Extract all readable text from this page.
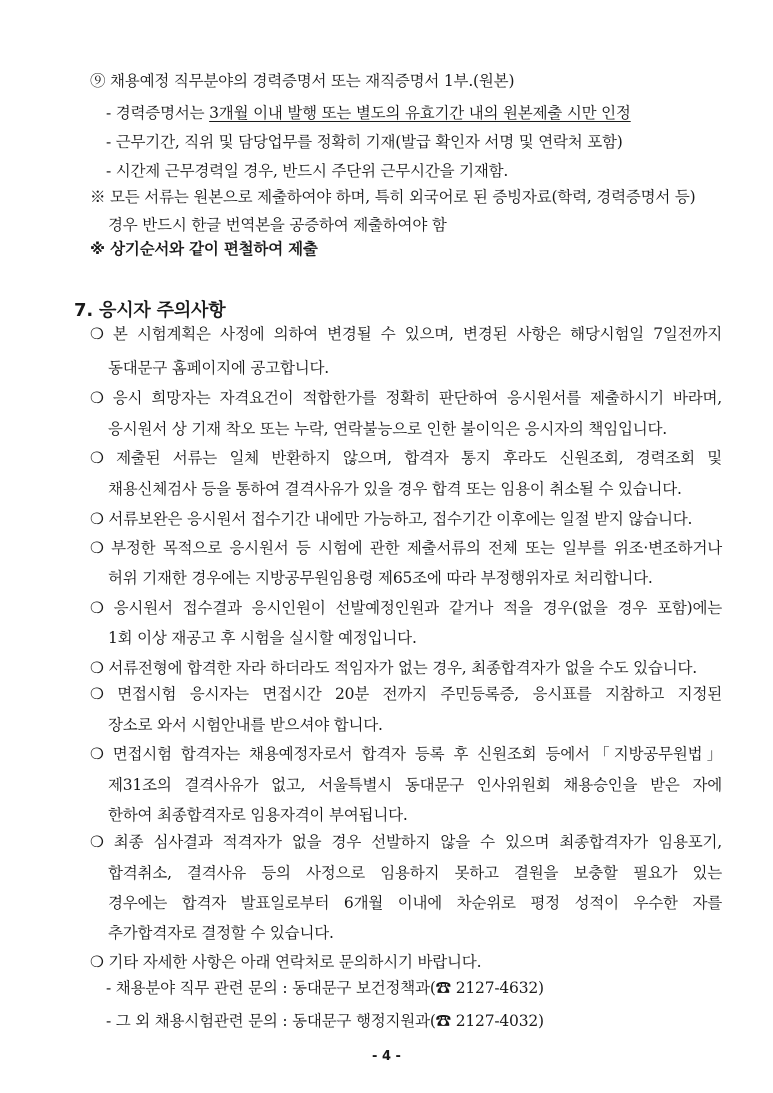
⑨ 채용예정 직무분야의 경력증명서 또는 재직증명서 1부.(원본)
- 경력증명서는 3개월 이내 발행 또는 별도의 유효기간 내의 원본제출 시만 인정
- 근무기간, 직위 및 담당업무를 정확히 기재(발급 확인자 서명 및 연락처 포함)
- 시간제 근무경력일 경우, 반드시 주단위 근무시간을 기재함.
※ 모든 서류는 원본으로 제출하여야 하며, 특히 외국어로 된 증빙자료(학력, 경력증명서 등)
경우 반드시 한글 번역본을 공증하여 제출하여야 함
※ 상기순서와 같이 편철하여 제출
7. 응시자 주의사항
❍ 본 시험계획은 사정에 의하여 변경될 수 있으며, 변경된 사항은 해당시험일 7일전까지
동대문구 홈페이지에 공고합니다.
❍ 응시 희망자는 자격요건이 적합한가를 정확히 판단하여 응시원서를 제출하시기 바라며,
응시원서 상 기재 착오 또는 누락, 연락불능으로 인한 불이익은 응시자의 책임입니다.
❍ 제출된 서류는 일체 반환하지 않으며, 합격자 통지 후라도 신원조회, 경력조회 및
채용신체검사 등을 통하여 결격사유가 있을 경우 합격 또는 임용이 취소될 수 있습니다.
❍ 서류보완은 응시원서 접수기간 내에만 가능하고, 접수기간 이후에는 일절 받지 않습니다.
❍ 부정한 목적으로 응시원서 등 시험에 관한 제출서류의 전체 또는 일부를 위조·변조하거나
허위 기재한 경우에는 지방공무원임용령 제65조에 따라 부정행위자로 처리합니다.
❍ 응시원서 접수결과 응시인원이 선발예정인원과 같거나 적을 경우(없을 경우 포함)에는
1회 이상 재공고 후 시험을 실시할 예정입니다.
❍ 서류전형에 합격한 자라 하더라도 적임자가 없는 경우, 최종합격자가 없을 수도 있습니다.
❍ 면접시험 응시자는 면접시간 20분 전까지 주민등록증, 응시표를 지참하고 지정된
장소로 와서 시험안내를 받으셔야 합니다.
❍ 면접시험 합격자는 채용예정자로서 합격자 등록 후 신원조회 등에서「지방공무원법」
제31조의 결격사유가 없고, 서울특별시 동대문구 인사위원회 채용승인을 받은 자에
한하여 최종합격자로 임용자격이 부여됩니다.
❍ 최종 심사결과 적격자가 없을 경우 선발하지 않을 수 있으며 최종합격자가 임용포기,
합격취소, 결격사유 등의 사정으로 임용하지 못하고 결원을 보충할 필요가 있는
경우에는 합격자 발표일로부터 6개월 이내에 차순위로 평정 성적이 우수한 자를
추가합격자로 결정할 수 있습니다.
❍ 기타 자세한 사항은 아래 연락처로 문의하시기 바랍니다.
- 채용분야 직무 관련 문의 : 동대문구 보건정책과(☎ 2127-4632)
- 그 외 채용시험관련 문의 : 동대문구 행정지원과(☎ 2127-4032)
- 4 -
